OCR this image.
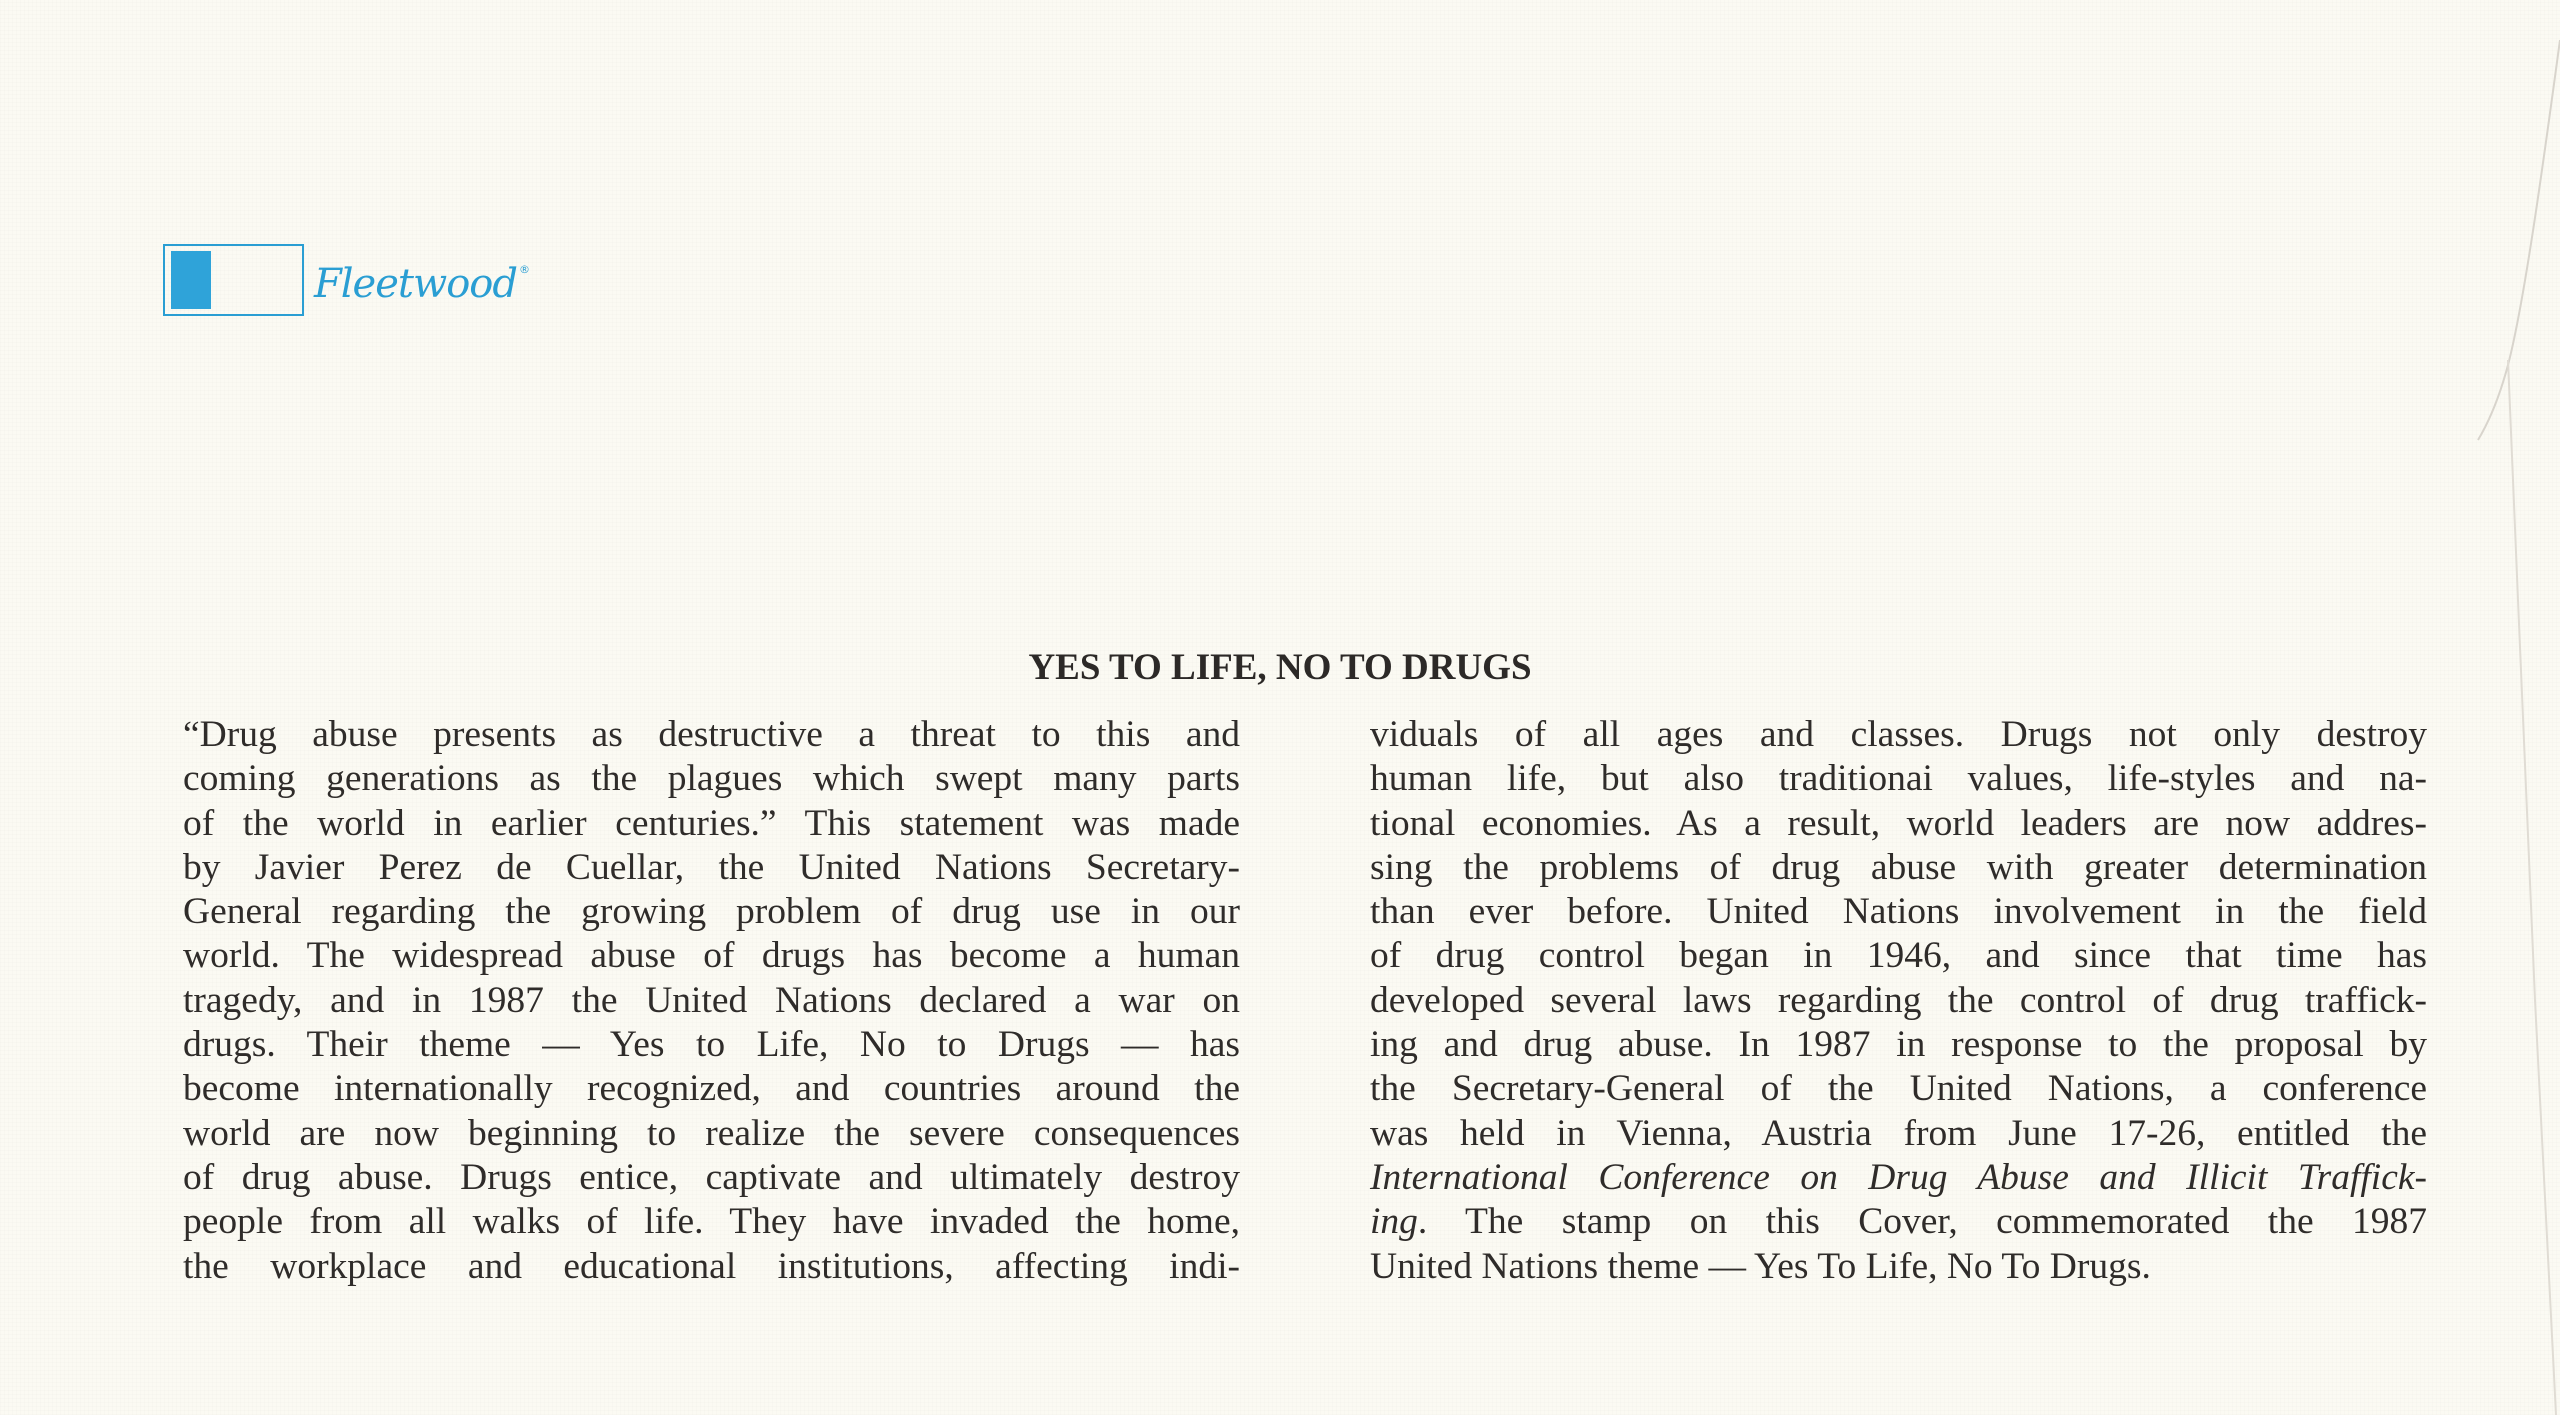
Fleetwood ®
YES TO LIFE, NO TO DRUGS
“Drug abuse presents as destructive a threat to this and
coming generations as the plagues which swept many parts
of the world in earlier centuries.” This statement was made
by Javier Perez de Cuellar, the United Nations Secretary-
General regarding the growing problem of drug use in our
world. The widespread abuse of drugs has become a human
tragedy, and in 1987 the United Nations declared a war on
drugs. Their theme — Yes to Life, No to Drugs — has
become internationally recognized, and countries around the
world are now beginning to realize the severe consequences
of drug abuse. Drugs entice, captivate and ultimately destroy
people from all walks of life. They have invaded the home,
the workplace and educational institutions, affecting indi-
viduals of all ages and classes. Drugs not only destroy
human life, but also traditionai values, life-styles and na-
tional economies. As a result, world leaders are now addres-
sing the problems of drug abuse with greater determination
than ever before. United Nations involvement in the field
of drug control began in 1946, and since that time has
developed several laws regarding the control of drug traffick-
ing and drug abuse. In 1987 in response to the proposal by
the Secretary-General of the United Nations, a conference
was held in Vienna, Austria from June 17-26, entitled the
International Conference on Drug Abuse and Illicit Traffick-
ing. The stamp on this Cover, commemorated the 1987
United Nations theme — Yes To Life, No To Drugs.
